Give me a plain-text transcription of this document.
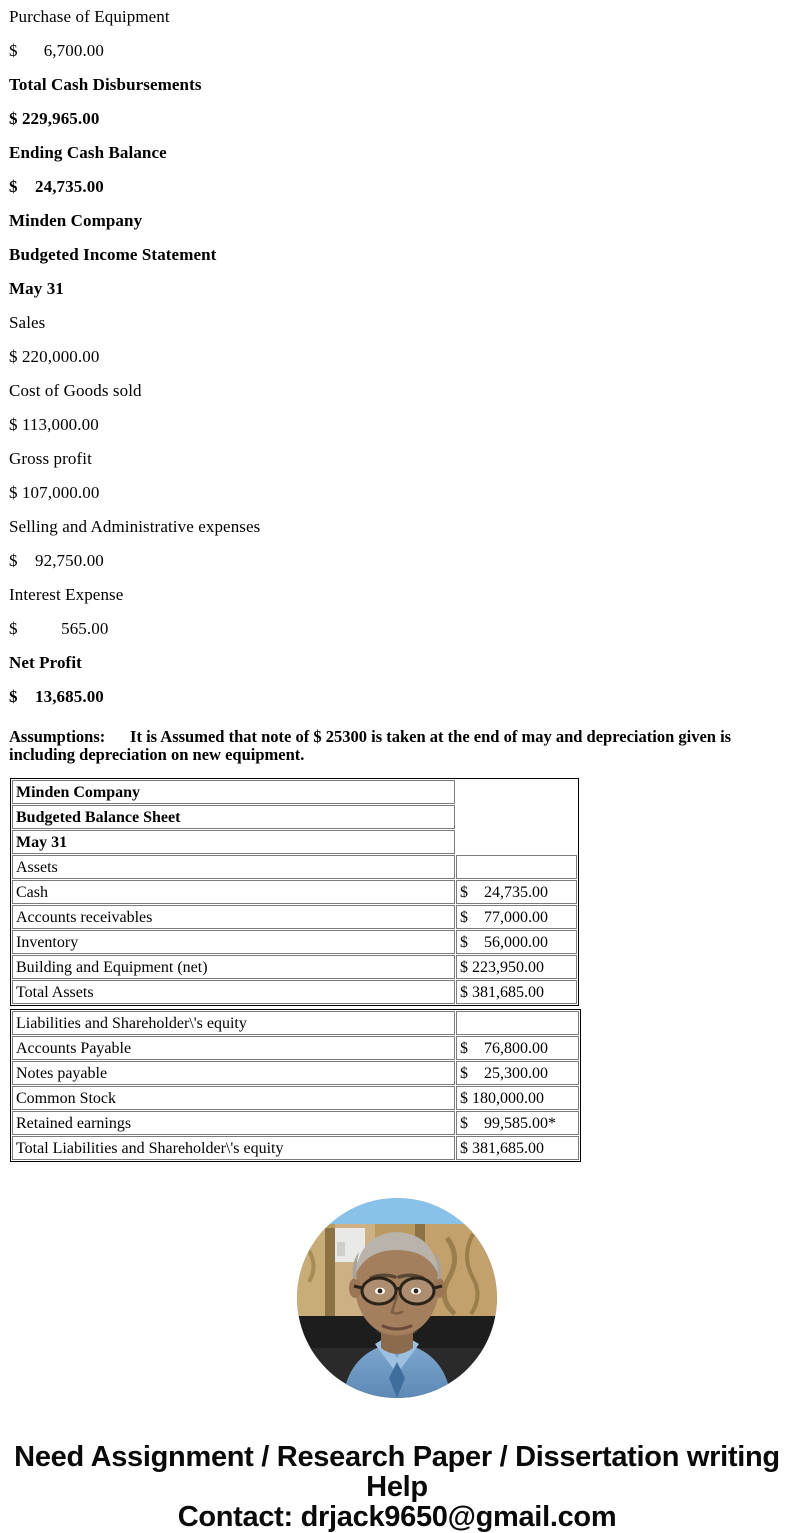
Purchase of Equipment
$      6,700.00
Total Cash Disbursements
$ 229,965.00
Ending Cash Balance
$    24,735.00
Minden Company
Budgeted Income Statement
May 31
Sales
$ 220,000.00
Cost of Goods sold
$ 113,000.00
Gross profit
$ 107,000.00
Selling and Administrative expenses
$    92,750.00
Interest Expense
$          565.00
Net Profit
$    13,685.00
Assumptions:      It is Assumed that note of $ 25300 is taken at the end of may and depreciation given is including depreciation on new equipment.
Minden Company	
Budgeted Balance Sheet	
May 31	
Assets	
Cash	$    24,735.00
Accounts receivables	$    77,000.00
Inventory	$    56,000.00
Building and Equipment (net)	$ 223,950.00
Total Assets	$ 381,685.00
Liabilities and Shareholder\'s equity	
Accounts Payable	$    76,800.00
Notes payable	$    25,300.00
Common Stock	$ 180,000.00
Retained earnings	$    99,585.00*
Total Liabilities and Shareholder\'s equity	$ 381,685.00
Need Assignment / Research Paper / Dissertation writing Help
Contact: drjack9650@gmail.com
